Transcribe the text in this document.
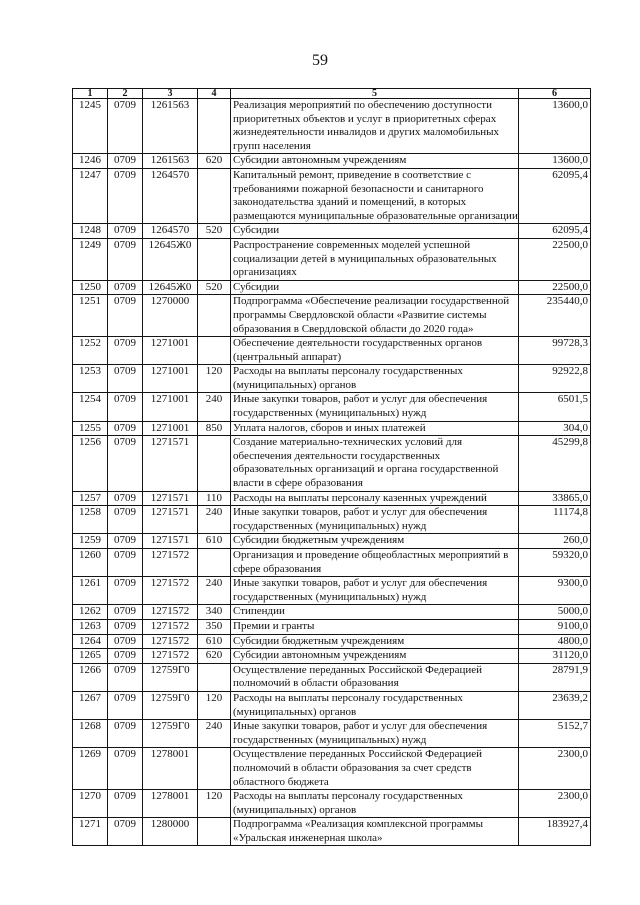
59
1	2	3	4	5	6
1245	0709	1261563		Реализация мероприятий по обеспечению доступности
приоритетных объектов и услуг в приоритетных сферах
жизнедеятельности инвалидов и других маломобильных
групп населения	13600,0
1246	0709	1261563	620	Субсидии автономным учреждениям	13600,0
1247	0709	1264570		Капитальный ремонт, приведение в соответствие с
требованиями пожарной безопасности и санитарного
законодательства зданий и помещений, в которых
размещаются муниципальные образовательные организации	62095,4
1248	0709	1264570	520	Субсидии	62095,4
1249	0709	12645Ж0		Распространение современных моделей успешной
социализации детей в муниципальных образовательных
организациях	22500,0
1250	0709	12645Ж0	520	Субсидии	22500,0
1251	0709	1270000		Подпрограмма «Обеспечение реализации государственной
программы Свердловской области «Развитие системы
образования в Свердловской области до 2020 года»	235440,0
1252	0709	1271001		Обеспечение деятельности государственных органов
(центральный аппарат)	99728,3
1253	0709	1271001	120	Расходы на выплаты персоналу государственных
(муниципальных) органов	92922,8
1254	0709	1271001	240	Иные закупки товаров, работ и услуг для обеспечения
государственных (муниципальных) нужд	6501,5
1255	0709	1271001	850	Уплата налогов, сборов и иных платежей	304,0
1256	0709	1271571		Создание материально-технических условий для
обеспечения деятельности государственных
образовательных организаций и органа государственной
власти в сфере образования	45299,8
1257	0709	1271571	110	Расходы на выплаты персоналу казенных учреждений	33865,0
1258	0709	1271571	240	Иные закупки товаров, работ и услуг для обеспечения
государственных (муниципальных) нужд	11174,8
1259	0709	1271571	610	Субсидии бюджетным учреждениям	260,0
1260	0709	1271572		Организация и проведение общеобластных мероприятий в
сфере образования	59320,0
1261	0709	1271572	240	Иные закупки товаров, работ и услуг для обеспечения
государственных (муниципальных) нужд	9300,0
1262	0709	1271572	340	Стипендии	5000,0
1263	0709	1271572	350	Премии и гранты	9100,0
1264	0709	1271572	610	Субсидии бюджетным учреждениям	4800,0
1265	0709	1271572	620	Субсидии автономным учреждениям	31120,0
1266	0709	12759Г0		Осуществление переданных Российской Федерацией
полномочий в области образования	28791,9
1267	0709	12759Г0	120	Расходы на выплаты персоналу государственных
(муниципальных) органов	23639,2
1268	0709	12759Г0	240	Иные закупки товаров, работ и услуг для обеспечения
государственных (муниципальных) нужд	5152,7
1269	0709	1278001		Осуществление переданных Российской Федерацией
полномочий в области образования за счет средств
областного бюджета	2300,0
1270	0709	1278001	120	Расходы на выплаты персоналу государственных
(муниципальных) органов	2300,0
1271	0709	1280000		Подпрограмма «Реализация комплексной программы
«Уральская инженерная школа»	183927,4
